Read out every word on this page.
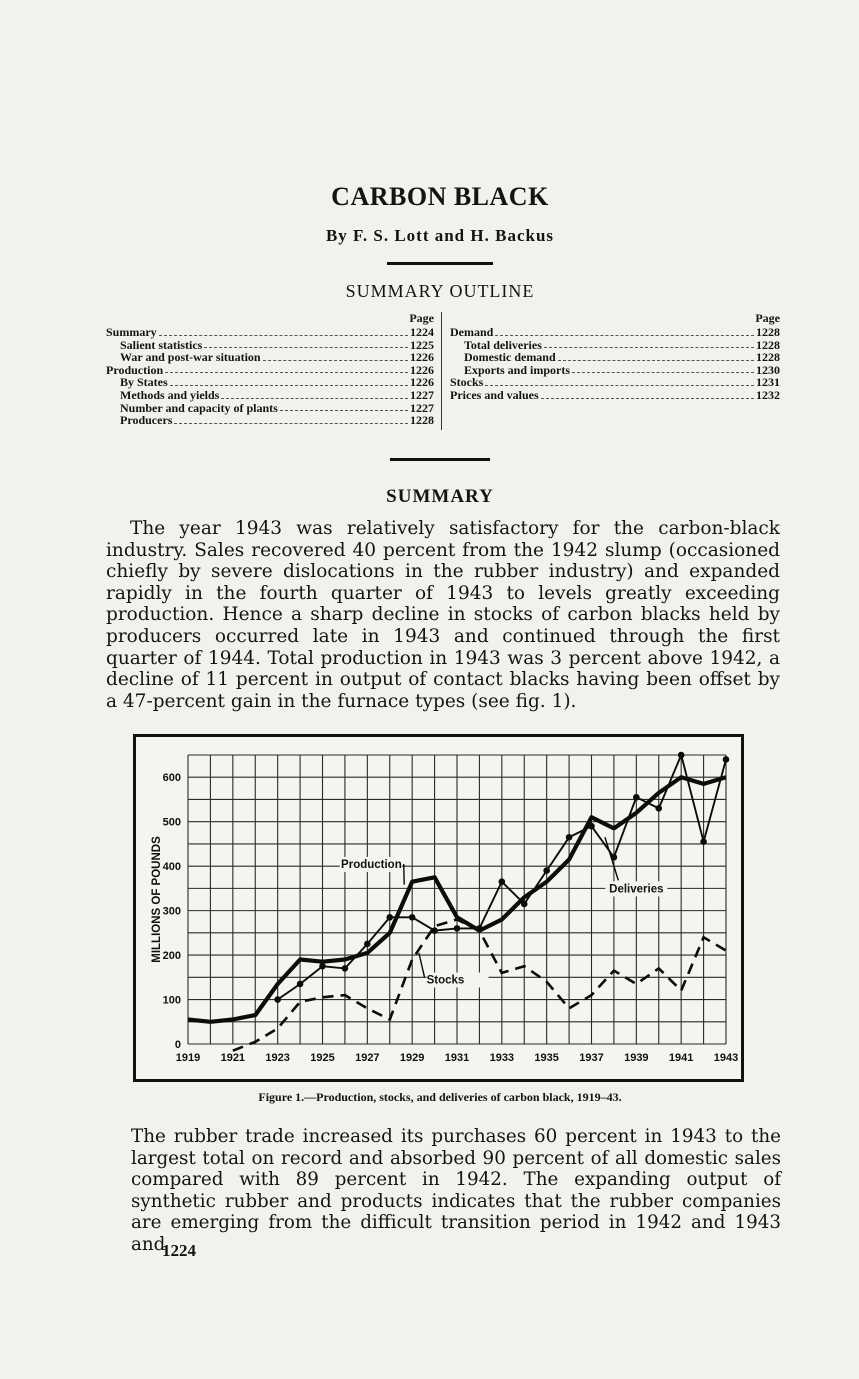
CARBON BLACK
By F. S. Lott and H. Backus
SUMMARY OUTLINE
Page
Summary	1224
Salient statistics	1225
War and post-war situation	1226
Production	1226
By States	1226
Methods and yields	1227
Number and capacity of plants	1227
Producers	1228
Page
Demand	1228
Total deliveries	1228
Domestic demand	1228
Exports and imports	1230
Stocks	1231
Prices and values	1232
SUMMARY
The year 1943 was relatively satisfactory for the carbon-black industry. Sales recovered 40 percent from the 1942 slump (occasioned chiefly by severe dislocations in the rubber industry) and expanded rapidly in the fourth quarter of 1943 to levels greatly exceeding production. Hence a sharp decline in stocks of carbon blacks held by producers occurred late in 1943 and continued through the first quarter of 1944. Total production in 1943 was 3 percent above 1942, a decline of 11 percent in output of contact blacks having been offset by a 47-percent gain in the furnace types (see fig. 1).
0
100
200
300
400
500
600
1919 1921 1923 1925 1927 1929 1931 1933 1935 1937 1939 1941 1943
MILLIONS OF POUNDS	Production
Deliveries
Stocks
Figure 1.—Production, stocks, and deliveries of carbon black, 1919–43.
The rubber trade increased its purchases 60 percent in 1943 to the largest total on record and absorbed 90 percent of all domestic sales compared with 89 percent in 1942. The expanding output of synthetic rubber and products indicates that the rubber companies are emerging from the difficult transition period in 1942 and 1943 and
1224
